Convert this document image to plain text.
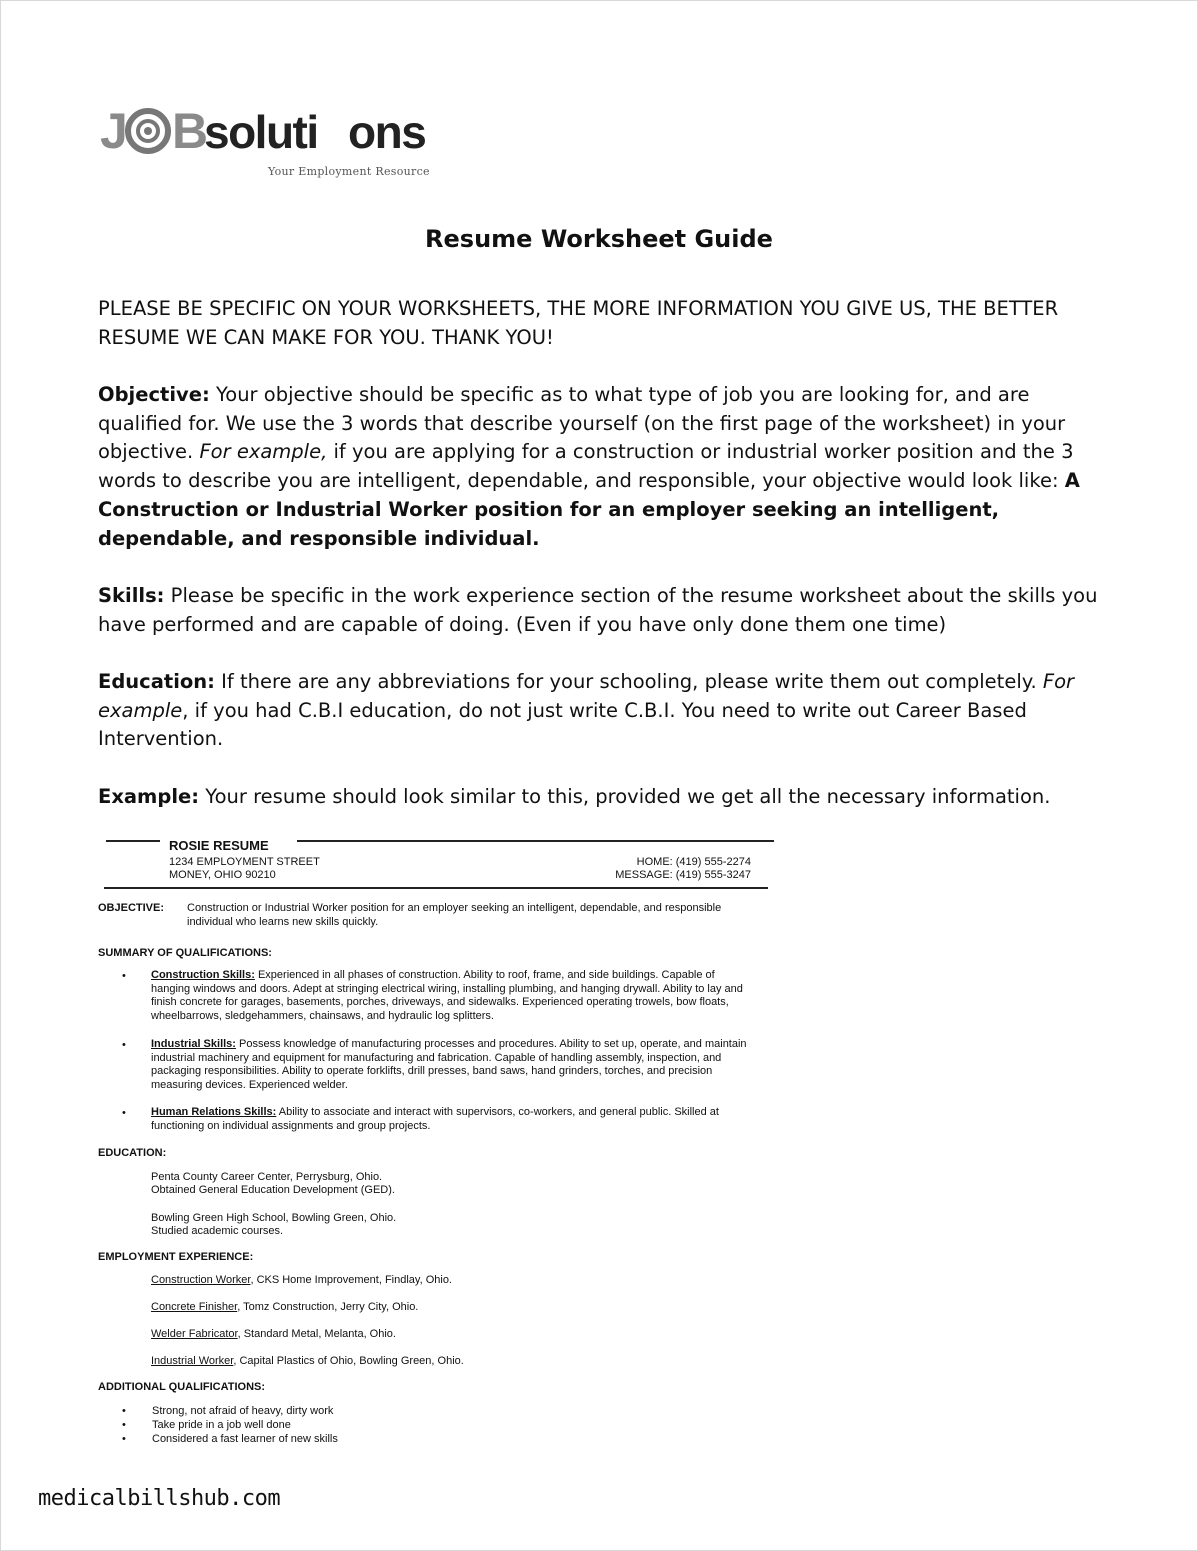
J B
soluti ons
Your Employment Resource
Resume Worksheet Guide

PLEASE BE SPECIFIC ON YOUR WORKSHEETS, THE MORE INFORMATION YOU GIVE US, THE BETTER RESUME WE CAN MAKE FOR YOU. THANK YOU!

Objective: Your objective should be specific as to what type of job you are looking for, and are qualified for. We use the 3 words that describe yourself (on the first page of the worksheet) in your objective. For example, if you are applying for a construction or industrial worker position and the 3 words to describe you are intelligent, dependable, and responsible, your objective would look like: A Construction or Industrial Worker position for an employer seeking an intelligent, dependable, and responsible individual.

Skills: Please be specific in the work experience section of the resume worksheet about the skills you have performed and are capable of doing. (Even if you have only done them one time)

Education: If there are any abbreviations for your schooling, please write them out completely. For example, if you had C.B.I education, do not just write C.B.I. You need to write out Career Based Intervention.

Example: Your resume should look similar to this, provided we get all the necessary information.

ROSIE RESUME
1234 EMPLOYMENT STREET
MONEY, OHIO 90210
HOME: (419) 555-2274
MESSAGE: (419) 555-3247
OBJECTIVE: Construction or Industrial Worker position for an employer seeking an intelligent, dependable, and responsible individual who learns new skills quickly.

SUMMARY OF QUALIFICATIONS:
• Construction Skills: Experienced in all phases of construction. Ability to roof, frame, and side buildings. Capable of hanging windows and doors. Adept at stringing electrical wiring, installing plumbing, and hanging drywall. Ability to lay and finish concrete for garages, basements, porches, driveways, and sidewalks. Experienced operating trowels, bow floats, wheelbarrows, sledgehammers, chainsaws, and hydraulic log splitters.

• Industrial Skills: Possess knowledge of manufacturing processes and procedures. Ability to set up, operate, and maintain industrial machinery and equipment for manufacturing and fabrication. Capable of handling assembly, inspection, and packaging responsibilities. Ability to operate forklifts, drill presses, band saws, hand grinders, torches, and precision measuring devices. Experienced welder.

• Human Relations Skills: Ability to associate and interact with supervisors, co-workers, and general public. Skilled at functioning on individual assignments and group projects.

EDUCATION:
Penta County Career Center, Perrysburg, Ohio.
Obtained General Education Development (GED).
Bowling Green High School, Bowling Green, Ohio.
Studied academic courses.
EMPLOYMENT EXPERIENCE:
Construction Worker, CKS Home Improvement, Findlay, Ohio.
Concrete Finisher, Tomz Construction, Jerry City, Ohio.
Welder Fabricator, Standard Metal, Melanta, Ohio.
Industrial Worker, Capital Plastics of Ohio, Bowling Green, Ohio.
ADDITIONAL QUALIFICATIONS:
• Strong, not afraid of heavy, dirty work
• Take pride in a job well done
• Considered a fast learner of new skills
medicalbillshub.com
